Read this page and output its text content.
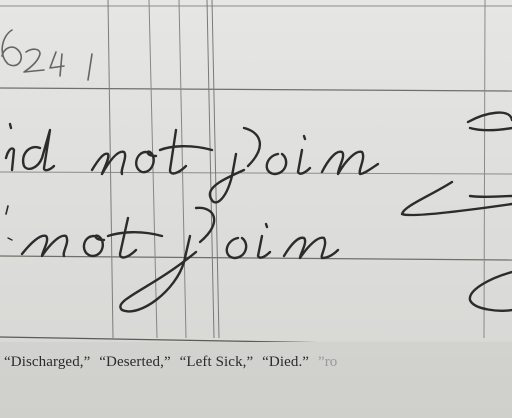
“Discharged,” “Deserted,” “Left Sick,” “Died.” ”ro
